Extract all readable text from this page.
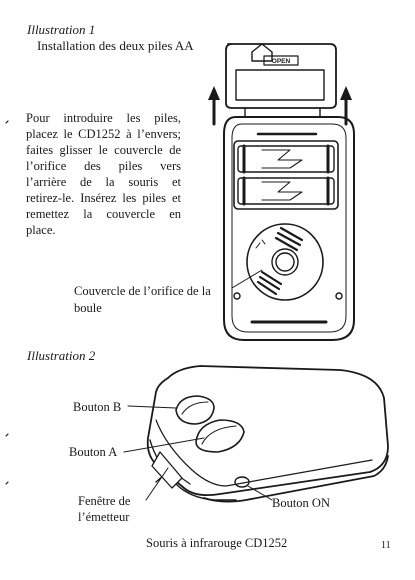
Illustration 1
Installation des deux piles AA
Pour introduire les piles,
placez le CD1252 à l’envers;
faites glisser le couvercle de
l’orifice des piles vers
l’arrière de la souris et
retirez-le. Insérez les piles et
remettez la couvercle en
place.
Couvercle de l’orifice de la boule
Illustration 2
Bouton B
Bouton A
Fenêtre de l’émetteur
Bouton ON
Souris à infrarouge CD1252	11
OPEN
